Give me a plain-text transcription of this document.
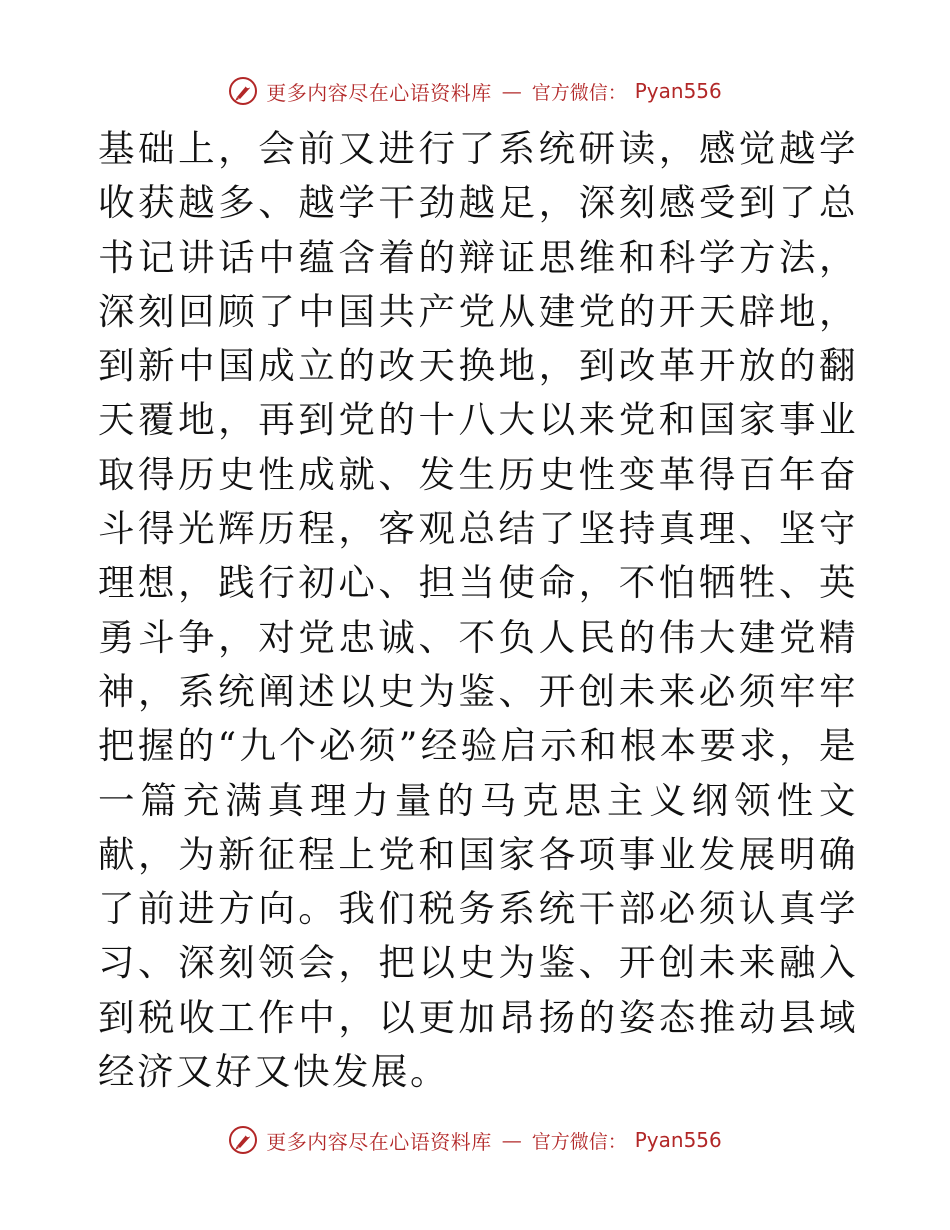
更多内容尽在心语资料库 — 官方微信： Pyan556

基础上，会前又进行了系统研读，感觉越学收获越多、越学干劲越足，深刻感受到了总书记讲话中蕴含着的辩证思维和科学方法，深刻回顾了中国共产党从建党的开天辟地，到新中国成立的改天换地，到改革开放的翻天覆地，再到党的十八大以来党和国家事业取得历史性成就、发生历史性变革得百年奋斗得光辉历程，客观总结了坚持真理、坚守理想，践行初心、担当使命，不怕牺牲、英勇斗争，对党忠诚、不负人民的伟大建党精神，系统阐述以史为鉴、开创未来必须牢牢把握的“九个必须”经验启示和根本要求，是一篇充满真理力量的马克思主义纲领性文献，为新征程上党和国家各项事业发展明确了前进方向。我们税务系统干部必须认真学习、深刻领会，把以史为鉴、开创未来融入到税收工作中，以更加昂扬的姿态推动县域经济又好又快发展。

更多内容尽在心语资料库 — 官方微信： Pyan556
